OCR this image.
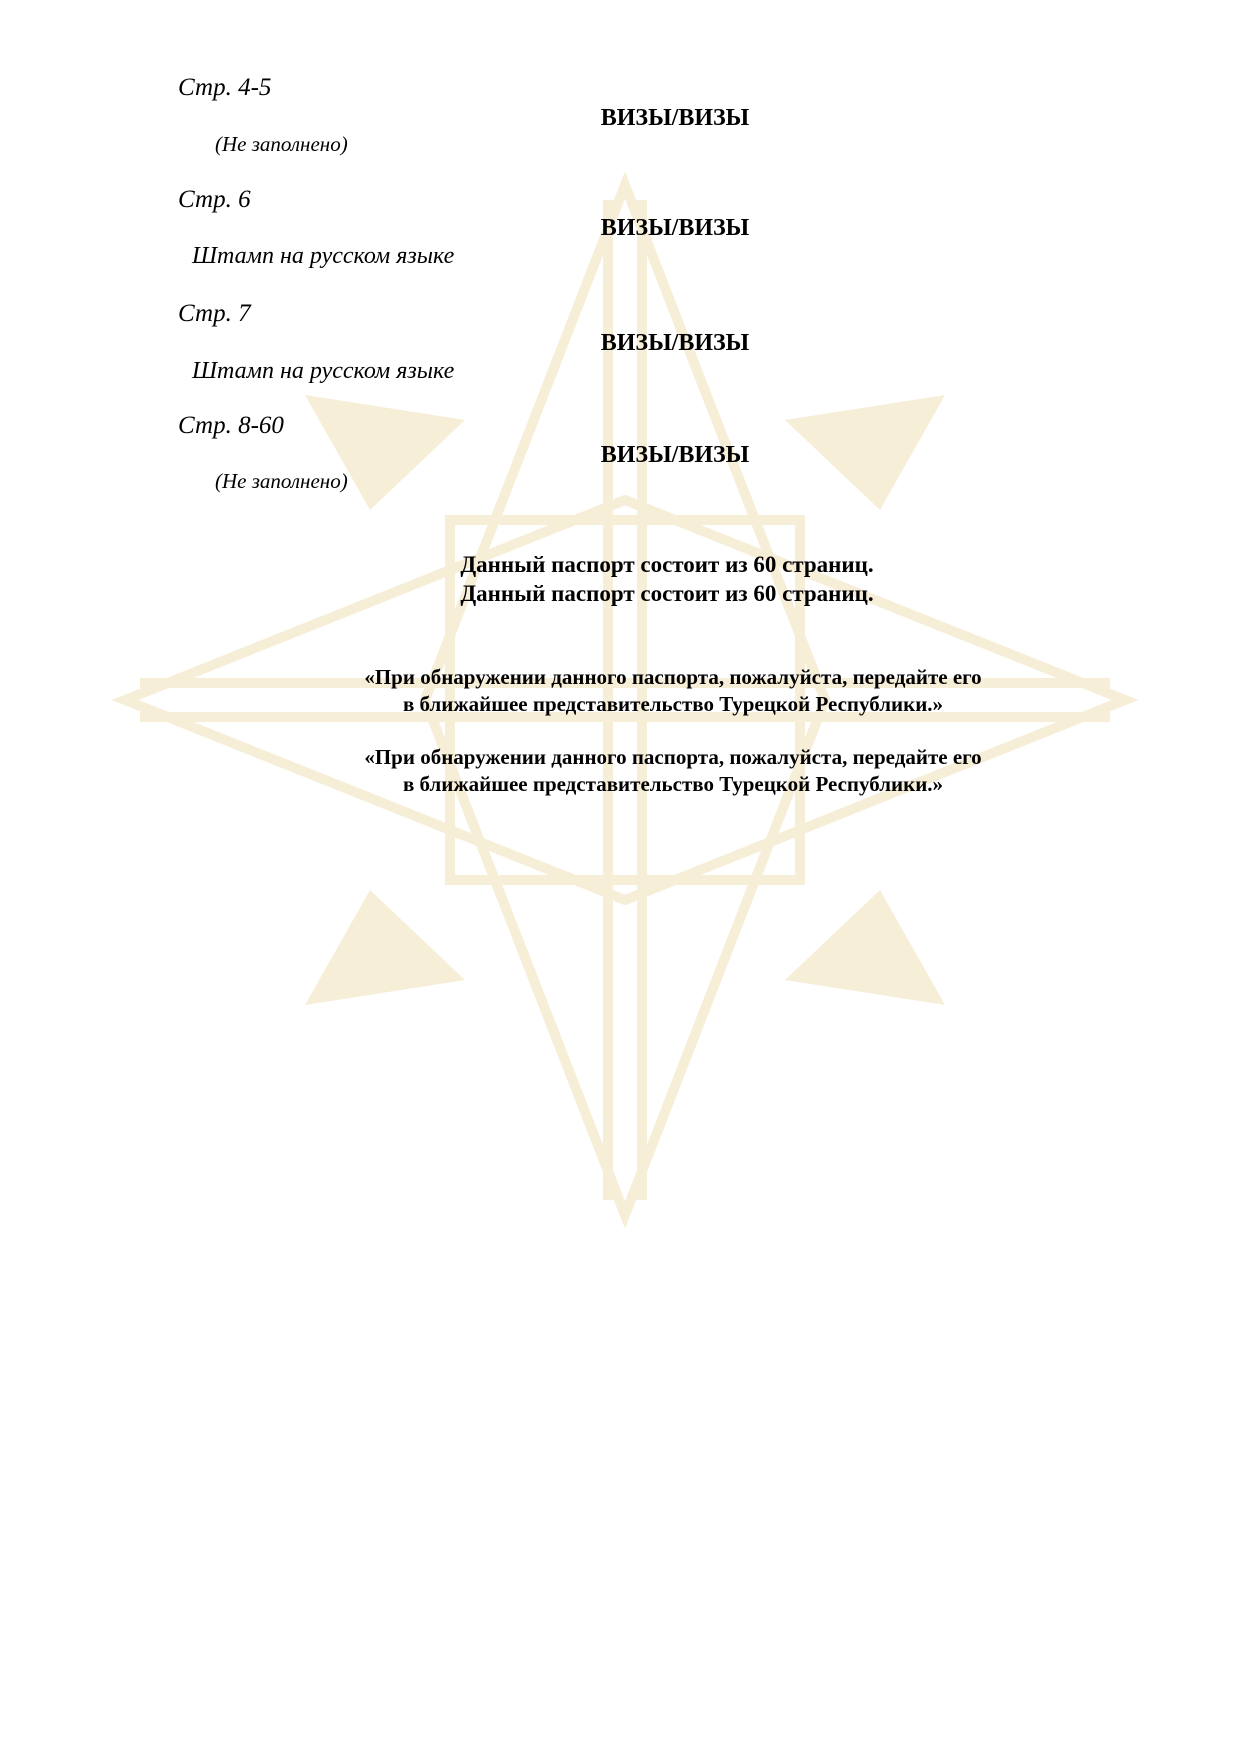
Стр. 4-5
ВИЗЫ/ВИЗЫ
(Не заполнено)
Стр. 6
ВИЗЫ/ВИЗЫ
Штамп на русском языке
Стр. 7
ВИЗЫ/ВИЗЫ
Штамп на русском языке
Стр. 8-60
ВИЗЫ/ВИЗЫ
(Не заполнено)
Данный паспорт состоит из 60 страниц.
Данный паспорт состоит из 60 страниц.
«При обнаружении данного паспорта, пожалуйста, передайте его
в ближайшее представительство Турецкой Республики.»
«При обнаружении данного паспорта, пожалуйста, передайте его
в ближайшее представительство Турецкой Республики.»
